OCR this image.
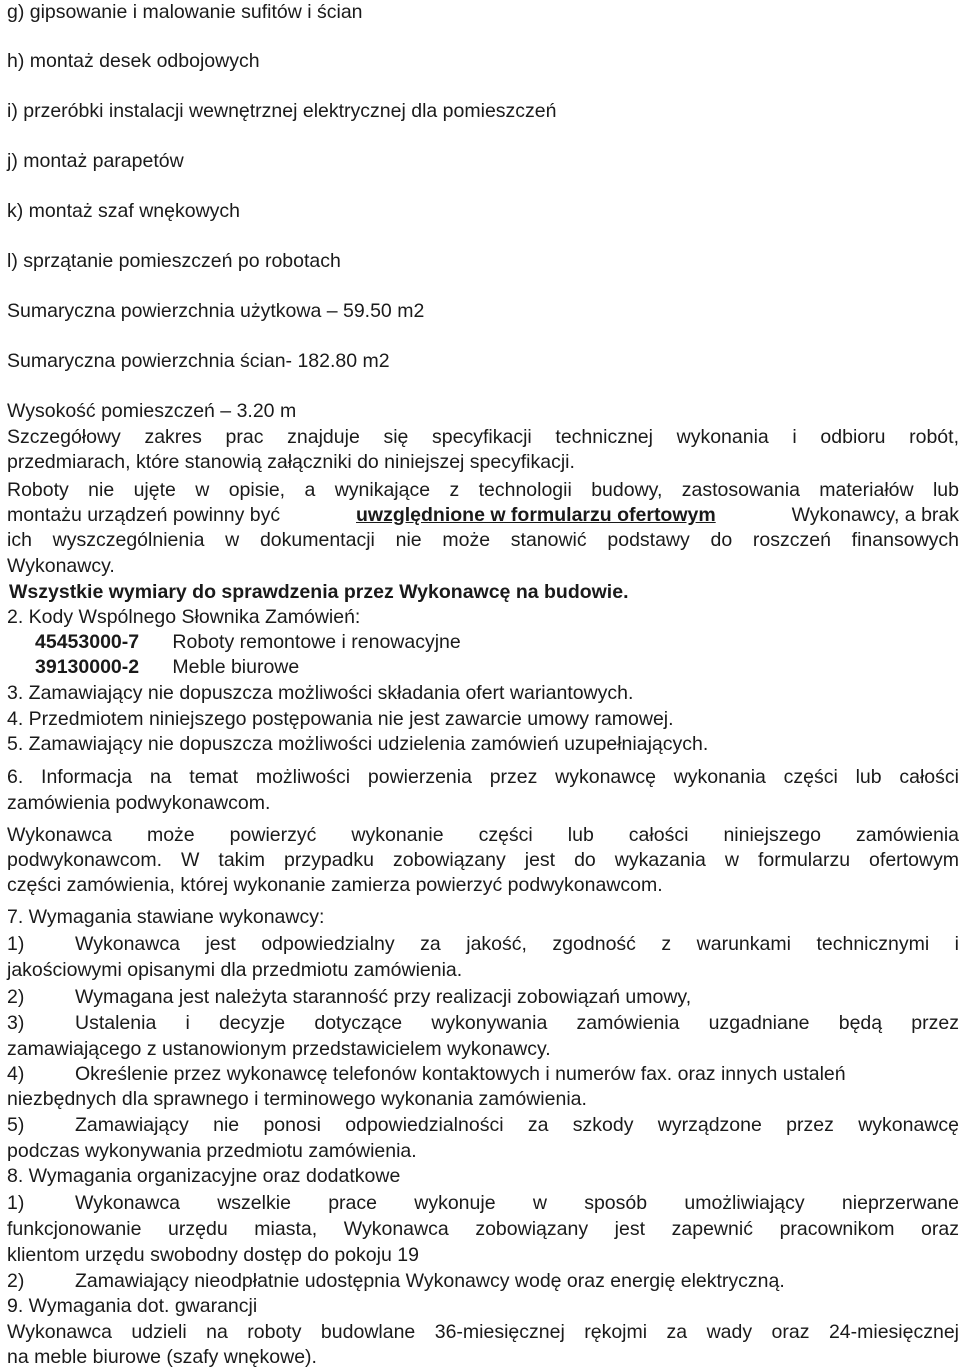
g) gipsowanie i malowanie sufitów i ścian
h) montaż desek odbojowych
i) przeróbki instalacji wewnętrznej elektrycznej dla pomieszczeń
j) montaż parapetów
k) montaż szaf wnękowych
l) sprzątanie pomieszczeń po robotach
Sumaryczna powierzchnia użytkowa – 59.50 m2
Sumaryczna powierzchnia ścian- 182.80 m2
Wysokość pomieszczeń – 3.20 m
Szczegółowy zakres prac znajduje się specyfikacji technicznej wykonania i odbioru robót,
przedmiarach, które stanowią załączniki do niniejszej specyfikacji.
Roboty nie ujęte w opisie, a wynikające z technologii budowy, zastosowania materiałów lub
montażu urządzeń powinny być	uwzględnione w formularzu ofertowym	Wykonawcy, a brak
ich wyszczególnienia w dokumentacji nie może stanowić podstawy do roszczeń finansowych
Wykonawcy.
Wszystkie wymiary do sprawdzenia przez Wykonawcę na budowie.
2. Kody Wspólnego Słownika Zamówień:
45453000-7 Roboty remontowe i renowacyjne
39130000-2 Meble biurowe
3. Zamawiający nie dopuszcza możliwości składania ofert wariantowych.
4. Przedmiotem niniejszego postępowania nie jest zawarcie umowy ramowej.
5. Zamawiający nie dopuszcza możliwości udzielenia zamówień uzupełniających.
6. Informacja na temat możliwości powierzenia przez wykonawcę wykonania części lub całości
zamówienia podwykonawcom.
Wykonawca może powierzyć wykonanie części lub całości niniejszego zamówienia
podwykonawcom. W takim przypadku zobowiązany jest do wykazania w formularzu ofertowym
części zamówienia, której wykonanie zamierza powierzyć podwykonawcom.
7. Wymagania stawiane wykonawcy:
1)	Wykonawca jest odpowiedzialny za jakość, zgodność z warunkami technicznymi i
jakościowymi opisanymi dla przedmiotu zamówienia.
2)	Wymagana jest należyta staranność przy realizacji zobowiązań umowy,
3)	Ustalenia i decyzje dotyczące wykonywania zamówienia uzgadniane będą przez
zamawiającego z ustanowionym przedstawicielem wykonawcy.
4)	Określenie przez wykonawcę telefonów kontaktowych i numerów fax. oraz innych ustaleń
niezbędnych dla sprawnego i terminowego wykonania zamówienia.
5)	Zamawiający nie ponosi odpowiedzialności za szkody wyrządzone przez wykonawcę
podczas wykonywania przedmiotu zamówienia.
8. Wymagania organizacyjne oraz dodatkowe
1)	Wykonawca wszelkie prace wykonuje w sposób umożliwiający nieprzerwane
funkcjonowanie urzędu miasta, Wykonawca zobowiązany jest zapewnić pracownikom oraz
klientom urzędu swobodny dostęp do pokoju 19
2)	Zamawiający nieodpłatnie udostępnia Wykonawcy wodę oraz energię elektryczną.
9. Wymagania dot. gwarancji
Wykonawca udzieli na roboty budowlane 36-miesięcznej rękojmi za wady oraz 24-miesięcznej
na meble biurowe (szafy wnękowe).
